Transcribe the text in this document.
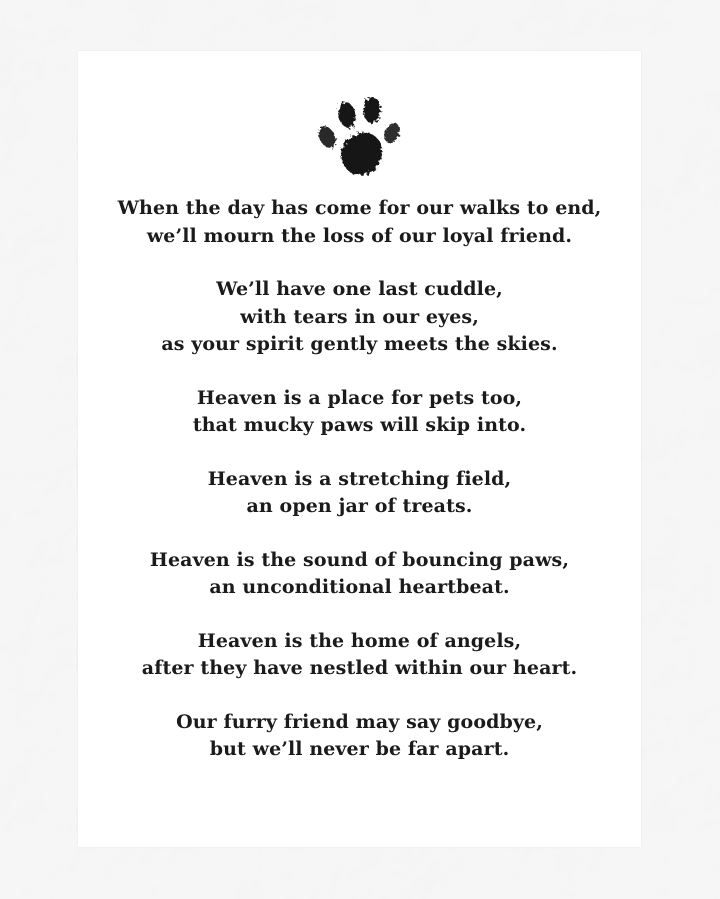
When the day has come for our walks to end,

we’ll mourn the loss of our loyal friend.

We’ll have one last cuddle,

with tears in our eyes,

as your spirit gently meets the skies.

Heaven is a place for pets too,

that mucky paws will skip into.

Heaven is a stretching field,

an open jar of treats.

Heaven is the sound of bouncing paws,

an unconditional heartbeat.

Heaven is the home of angels,

after they have nestled within our heart.

Our furry friend may say goodbye,

but we’ll never be far apart.
